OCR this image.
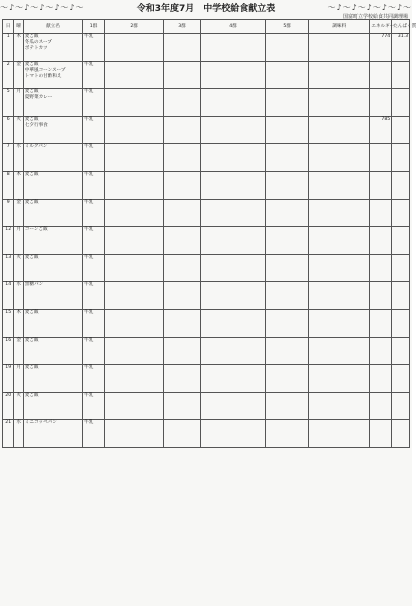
〜♪〜♪〜♪〜♪〜♪〜	令和3年度7月　中学校給食献立表	〜♪〜♪〜♪〜♪〜♪〜
国富町立学校給食共同調理場
日	曜	献立名	1群	2群	3群	4群	5群	調味料	エネルギー	たんぱく質
1	木	麦ご飯
冬瓜のスープ
ポテトカツ	牛乳						774	31.3
2	金	麦ご飯
中華風コーンスープ
トマトの甘酢和え	牛乳							
5	月	麦ご飯
夏野菜カレー	牛乳							
6	火	麦ご飯
七夕行事食	牛乳						785	
7	水	ミルクパン	牛乳							
8	木	麦ご飯	牛乳							
9	金	麦ご飯	牛乳							
12	月	コーンご飯	牛乳							
13	火	麦ご飯	牛乳							
14	水	黒糖パン	牛乳							
15	木	麦ご飯	牛乳							
16	金	麦ご飯	牛乳							
19	月	麦ご飯	牛乳							
20	火	麦ご飯	牛乳							
21	水	ミニコッペパン	牛乳							
